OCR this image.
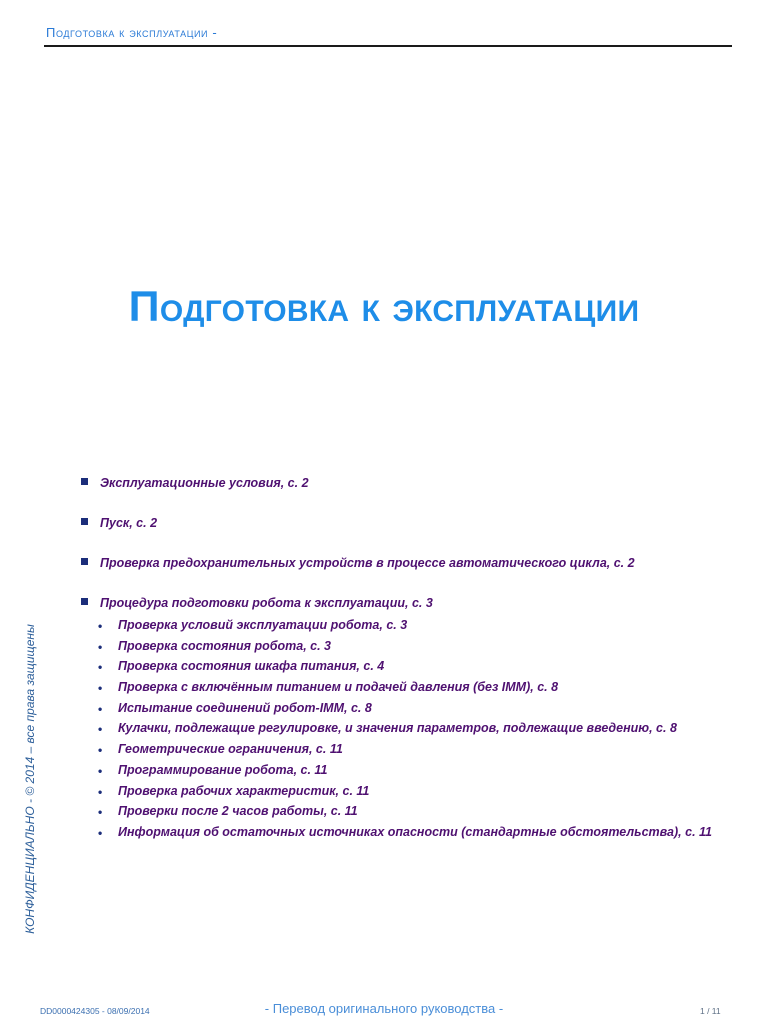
Подготовка к эксплуатации -
КОНФИДЕНЦИАЛЬНО - © 2014 – все права защищены
Подготовка к эксплуатации
Эксплуатационные условия, с. 2
Пуск, с. 2
Проверка предохранительных устройств в процессе автоматического цикла, с. 2
Процедура подготовки робота к эксплуатации, с. 3
• Проверка условий эксплуатации робота, с. 3
• Проверка состояния робота, с. 3
• Проверка состояния шкафа питания, с. 4
• Проверка с включённым питанием и подачей давления (без IMM), с. 8
• Испытание соединений робот-IMM, с. 8
• Кулачки, подлежащие регулировке, и значения параметров, подлежащие введению, с. 8
• Геометрические ограничения, с. 11
• Программирование робота, с. 11
• Проверка рабочих характеристик, с. 11
• Проверки после 2 часов работы, с. 11
• Информация об остаточных источниках опасности (стандартные обстоятельства), с. 11
DD0000424305 - 08/09/2014	- Перевод оригинального руководства -	1 / 11
